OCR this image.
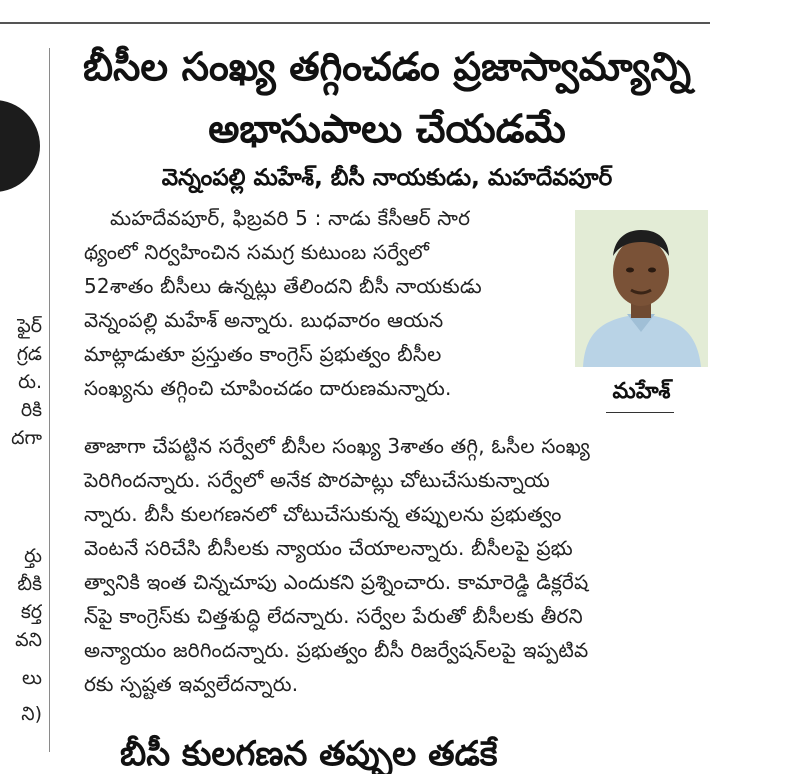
ఫైర్
గ్రడ
రు.
రికి
దగా
ర్తు
బీకి
కర్త
వని
లు
ని)
బీసీల సంఖ్య తగ్గించడం ప్రజాస్వామ్యాన్ని
అభాసుపాలు చేయడమే
వెన్నంపల్లి మహేశ్, బీసీ నాయకుడు, మహదేవపూర్
మహదేవపూర్, ఫిబ్రవరి 5 : నాడు కేసీఆర్ సార
థ్యంలో నిర్వహించిన సమగ్ర కుటుంబ సర్వేలో
52శాతం బీసీలు ఉన్నట్లు తేలిందని బీసీ నాయకుడు
వెన్నంపల్లి మహేశ్ అన్నారు. బుధవారం ఆయన
మాట్లాడుతూ ప్రస్తుతం కాంగ్రెస్ ప్రభుత్వం బీసీల
సంఖ్యను తగ్గించి చూపించడం దారుణమన్నారు.	మహేశ్
తాజాగా చేపట్టిన సర్వేలో బీసీల సంఖ్య 3శాతం తగ్గి, ఓసీల సంఖ్య
పెరిగిందన్నారు. సర్వేలో అనేక పొరపాట్లు చోటుచేసుకున్నాయ
న్నారు. బీసీ కులగణనలో చోటుచేసుకున్న తప్పులను ప్రభుత్వం
వెంటనే సరిచేసి బీసీలకు న్యాయం చేయాలన్నారు. బీసీలపై ప్రభు
త్వానికి ఇంత చిన్నచూపు ఎందుకని ప్రశ్నించారు. కామారెడ్డి డిక్లరేష
న్‌పై కాంగ్రెస్‌కు చిత్తశుద్ధి లేదన్నారు. సర్వేల పేరుతో బీసీలకు తీరని
అన్యాయం జరిగిందన్నారు. ప్రభుత్వం బీసీ రిజర్వేషన్‌లపై ఇప్పటివ
రకు స్పష్టత ఇవ్వలేదన్నారు.
బీసీ కులగణన తప్పుల తడకే
